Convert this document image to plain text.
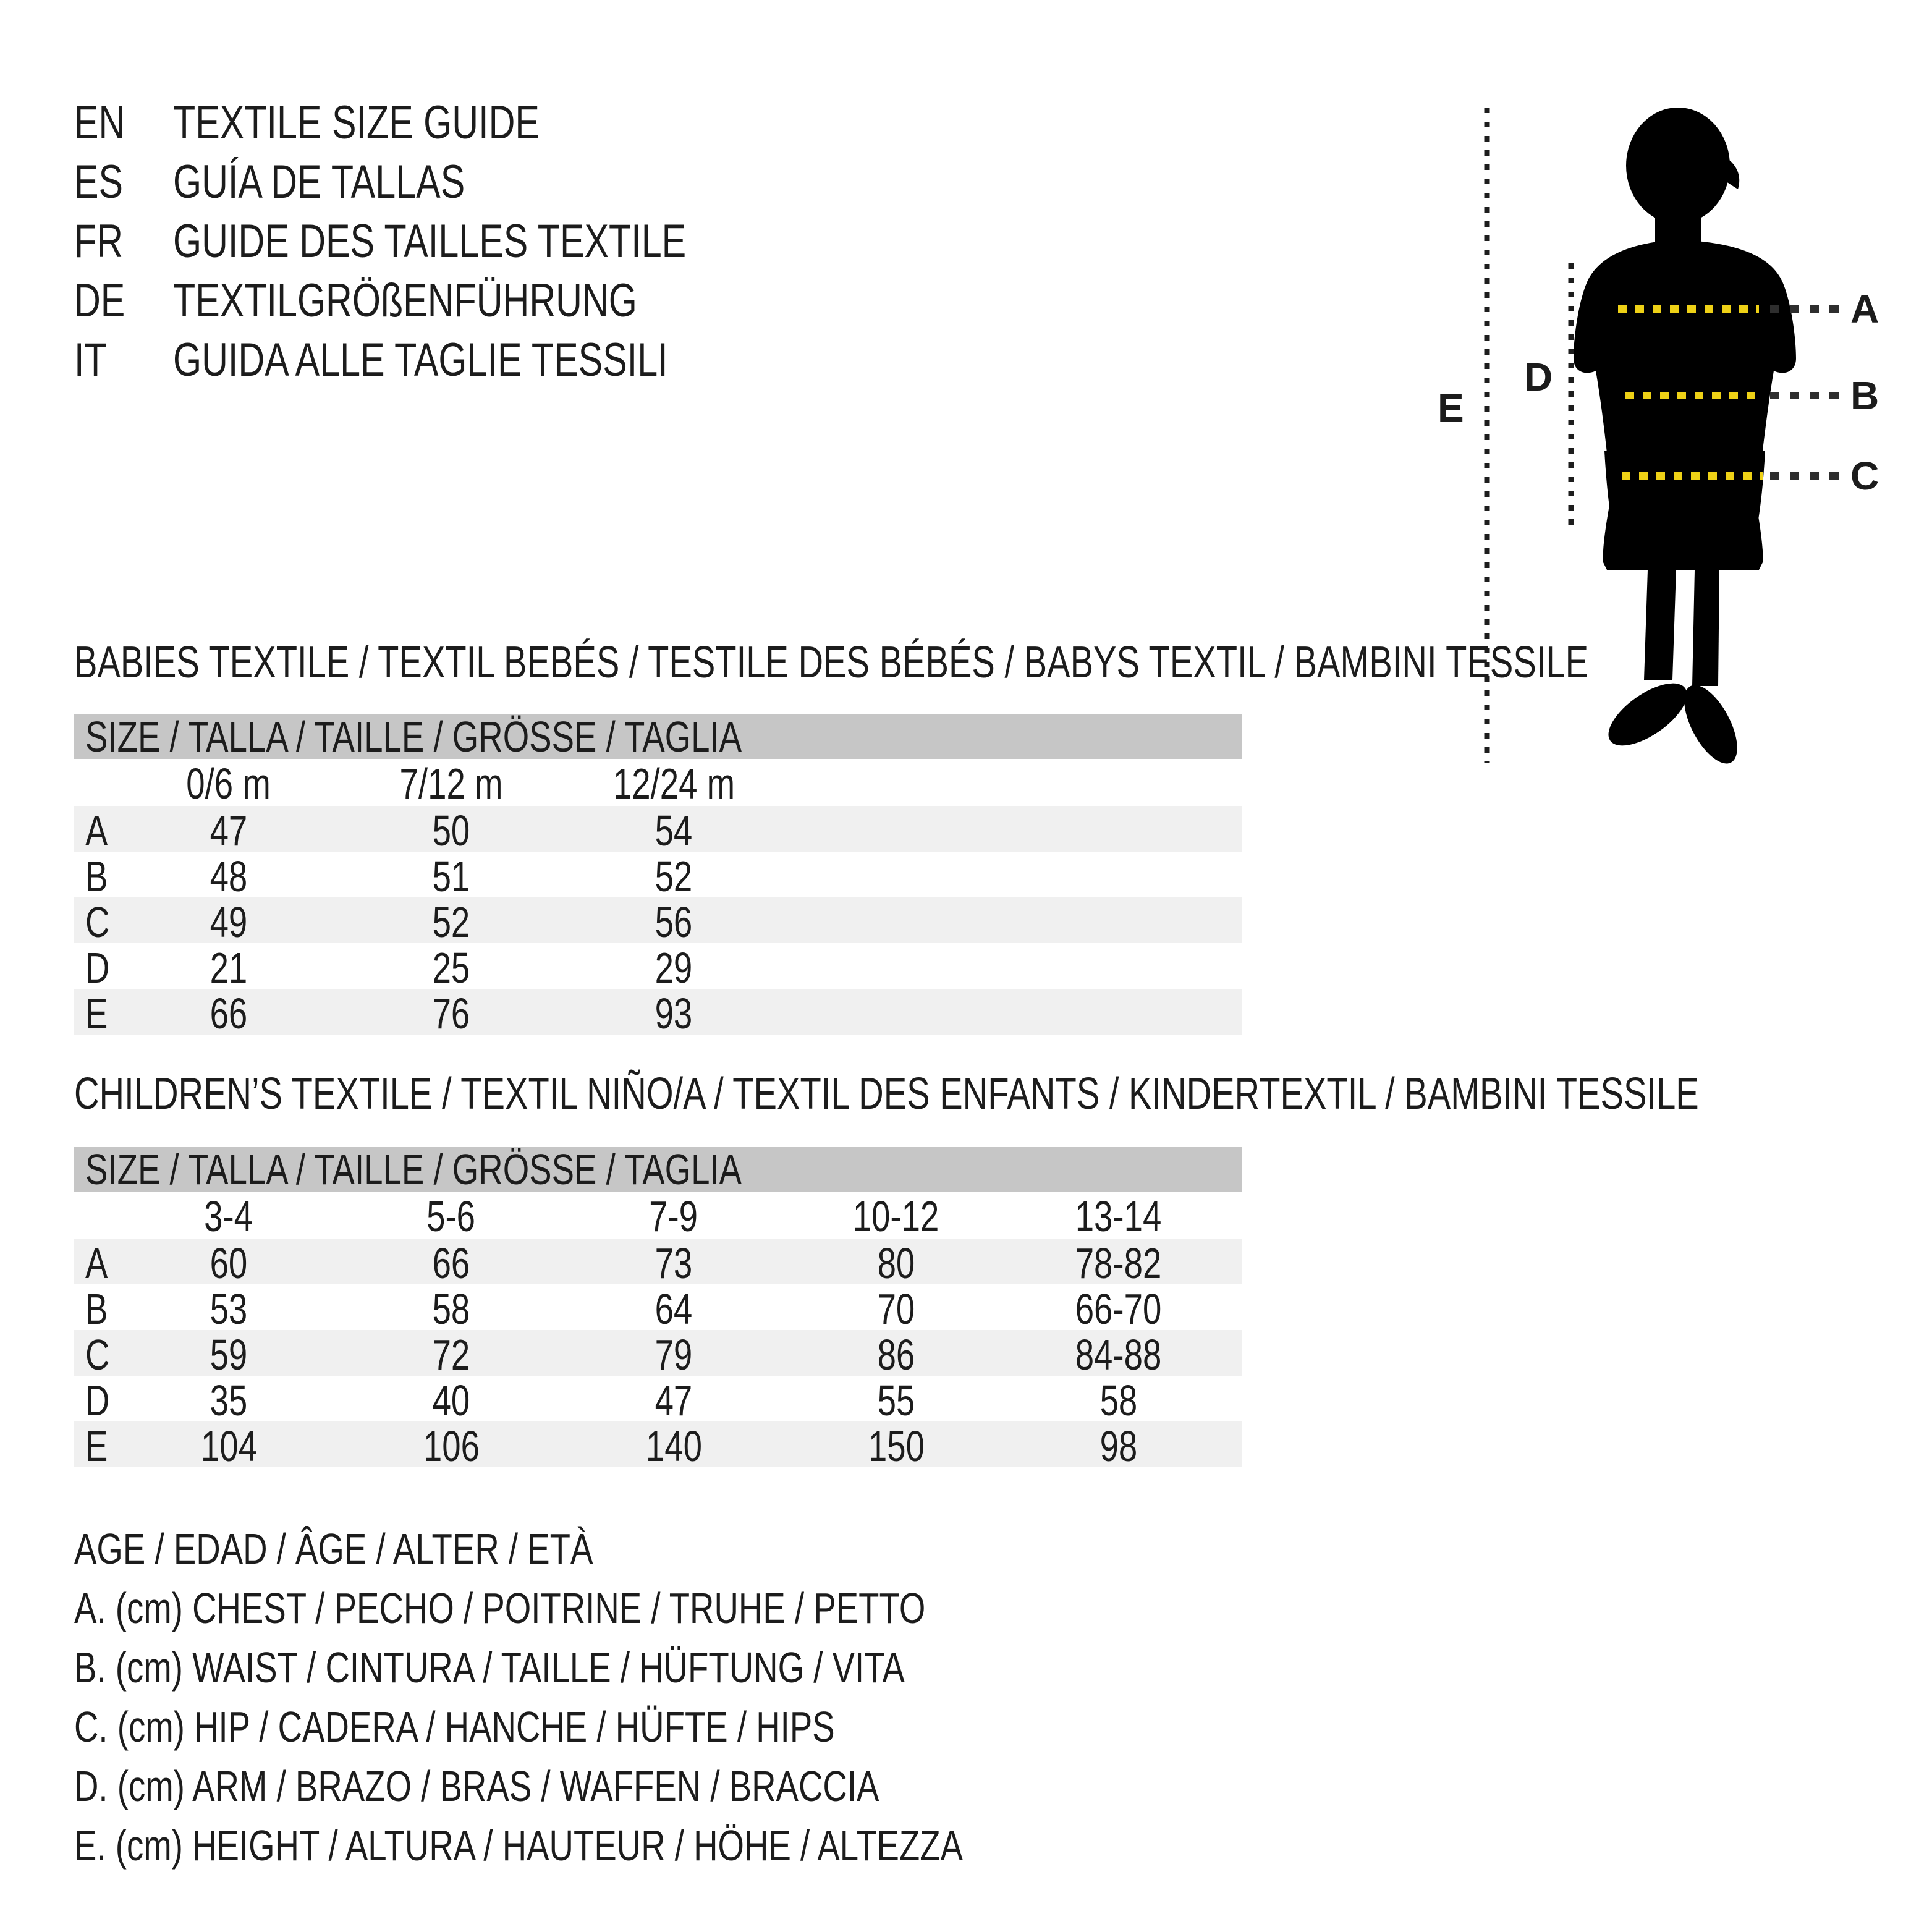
EN	TEXTILE SIZE GUIDE
ES	GUÍA DE TALLAS
FR	GUIDE DES TAILLES TEXTILE
DE	TEXTILGRÖßENFÜHRUNG
IT	GUIDA ALLE TAGLIE TESSILI
A
B
C
D
E
BABIES TEXTILE / TEXTIL BEBÉS / TESTILE DES BÉBÉS / BABYS TEXTIL / BAMBINI TESSILE
SIZE / TALLA / TAILLE / GRÖSSE / TAGLIA
0/6 m	7/12 m	12/24 m
A 47	50	54
B 48	51	52
C 49	52	56
D 21	25	29
E 66	76	93
CHILDREN’S TEXTILE / TEXTIL NIÑO/A / TEXTIL DES ENFANTS / KINDERTEXTIL / BAMBINI TESSILE
SIZE / TALLA / TAILLE / GRÖSSE / TAGLIA
3-4	5-6	7-9	10-12	13-14
A 60	66	73	80	78-82
B 53	58	64	70	66-70
C 59	72	79	86	84-88
D 35	40	47	55	58
E 104	106	140	150	98
AGE / EDAD / ÂGE / ALTER / ETÀ
A. (cm) CHEST / PECHO / POITRINE / TRUHE / PETTO
B. (cm) WAIST / CINTURA / TAILLE / HÜFTUNG / VITA
C. (cm) HIP / CADERA / HANCHE / HÜFTE / HIPS
D. (cm) ARM / BRAZO / BRAS / WAFFEN / BRACCIA
E. (cm) HEIGHT / ALTURA / HAUTEUR / HÖHE / ALTEZZA
